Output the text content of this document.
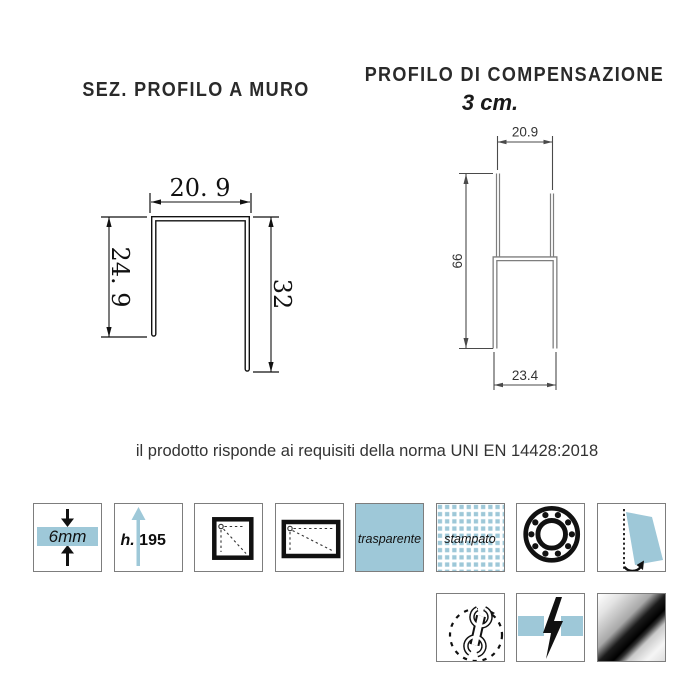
SEZ. PROFILO A MURO
PROFILO DI COMPENSAZIONE
3 cm.
20. 9
24. 9	32
20.9
66
23.4
il prodotto risponde ai requisiti della norma UNI EN 14428:2018
6mm h. 195	trasparente	stampato
